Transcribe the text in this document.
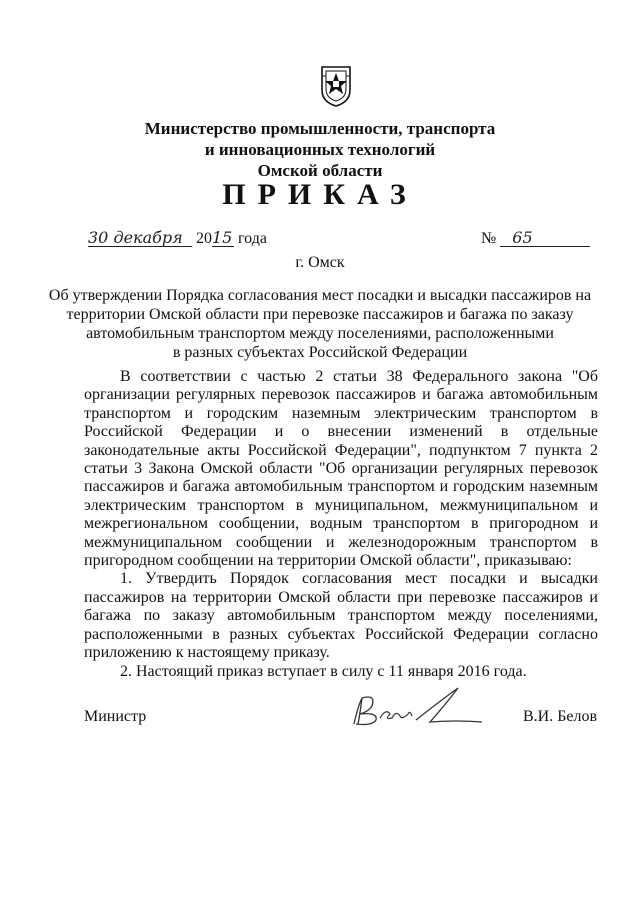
Министерство промышленности, транспорта
и инновационных технологий
Омской области
ПРИКАЗ
30 декабря 2015 года	№ 65
г. Омск
Об утверждении Порядка согласования мест посадки и высадки пассажиров на
территории Омской области при перевозке пассажиров и багажа по заказу
автомобильным транспортом между поселениями, расположенными
в разных субъектах Российской Федерации

В соответствии с частью 2 статьи 38 Федерального закона "Об организации регулярных перевозок пассажиров и багажа автомобильным транспортом и городским наземным электрическим транспортом в Российской Федерации и о внесении изменений в отдельные законодательные акты Российской Федерации", подпунктом 7 пункта 2 статьи 3 Закона Омской области "Об организации регулярных перевозок пассажиров и багажа автомобильным транспортом и городским наземным электрическим транспортом в муниципальном, межмуниципальном и межрегиональном сообщении, водным транспортом в пригородном и межмуниципальном сообщении и железнодорожным транспортом в пригородном сообщении на территории Омской области", приказываю:

1. Утвердить Порядок согласования мест посадки и высадки пассажиров на территории Омской области при перевозке пассажиров и багажа по заказу автомобильным транспортом между поселениями, расположенными в разных субъектах Российской Федерации согласно приложению к настоящему приказу.

2. Настоящий приказ вступает в силу с 11 января 2016 года.

Министр	В.И. Белов
